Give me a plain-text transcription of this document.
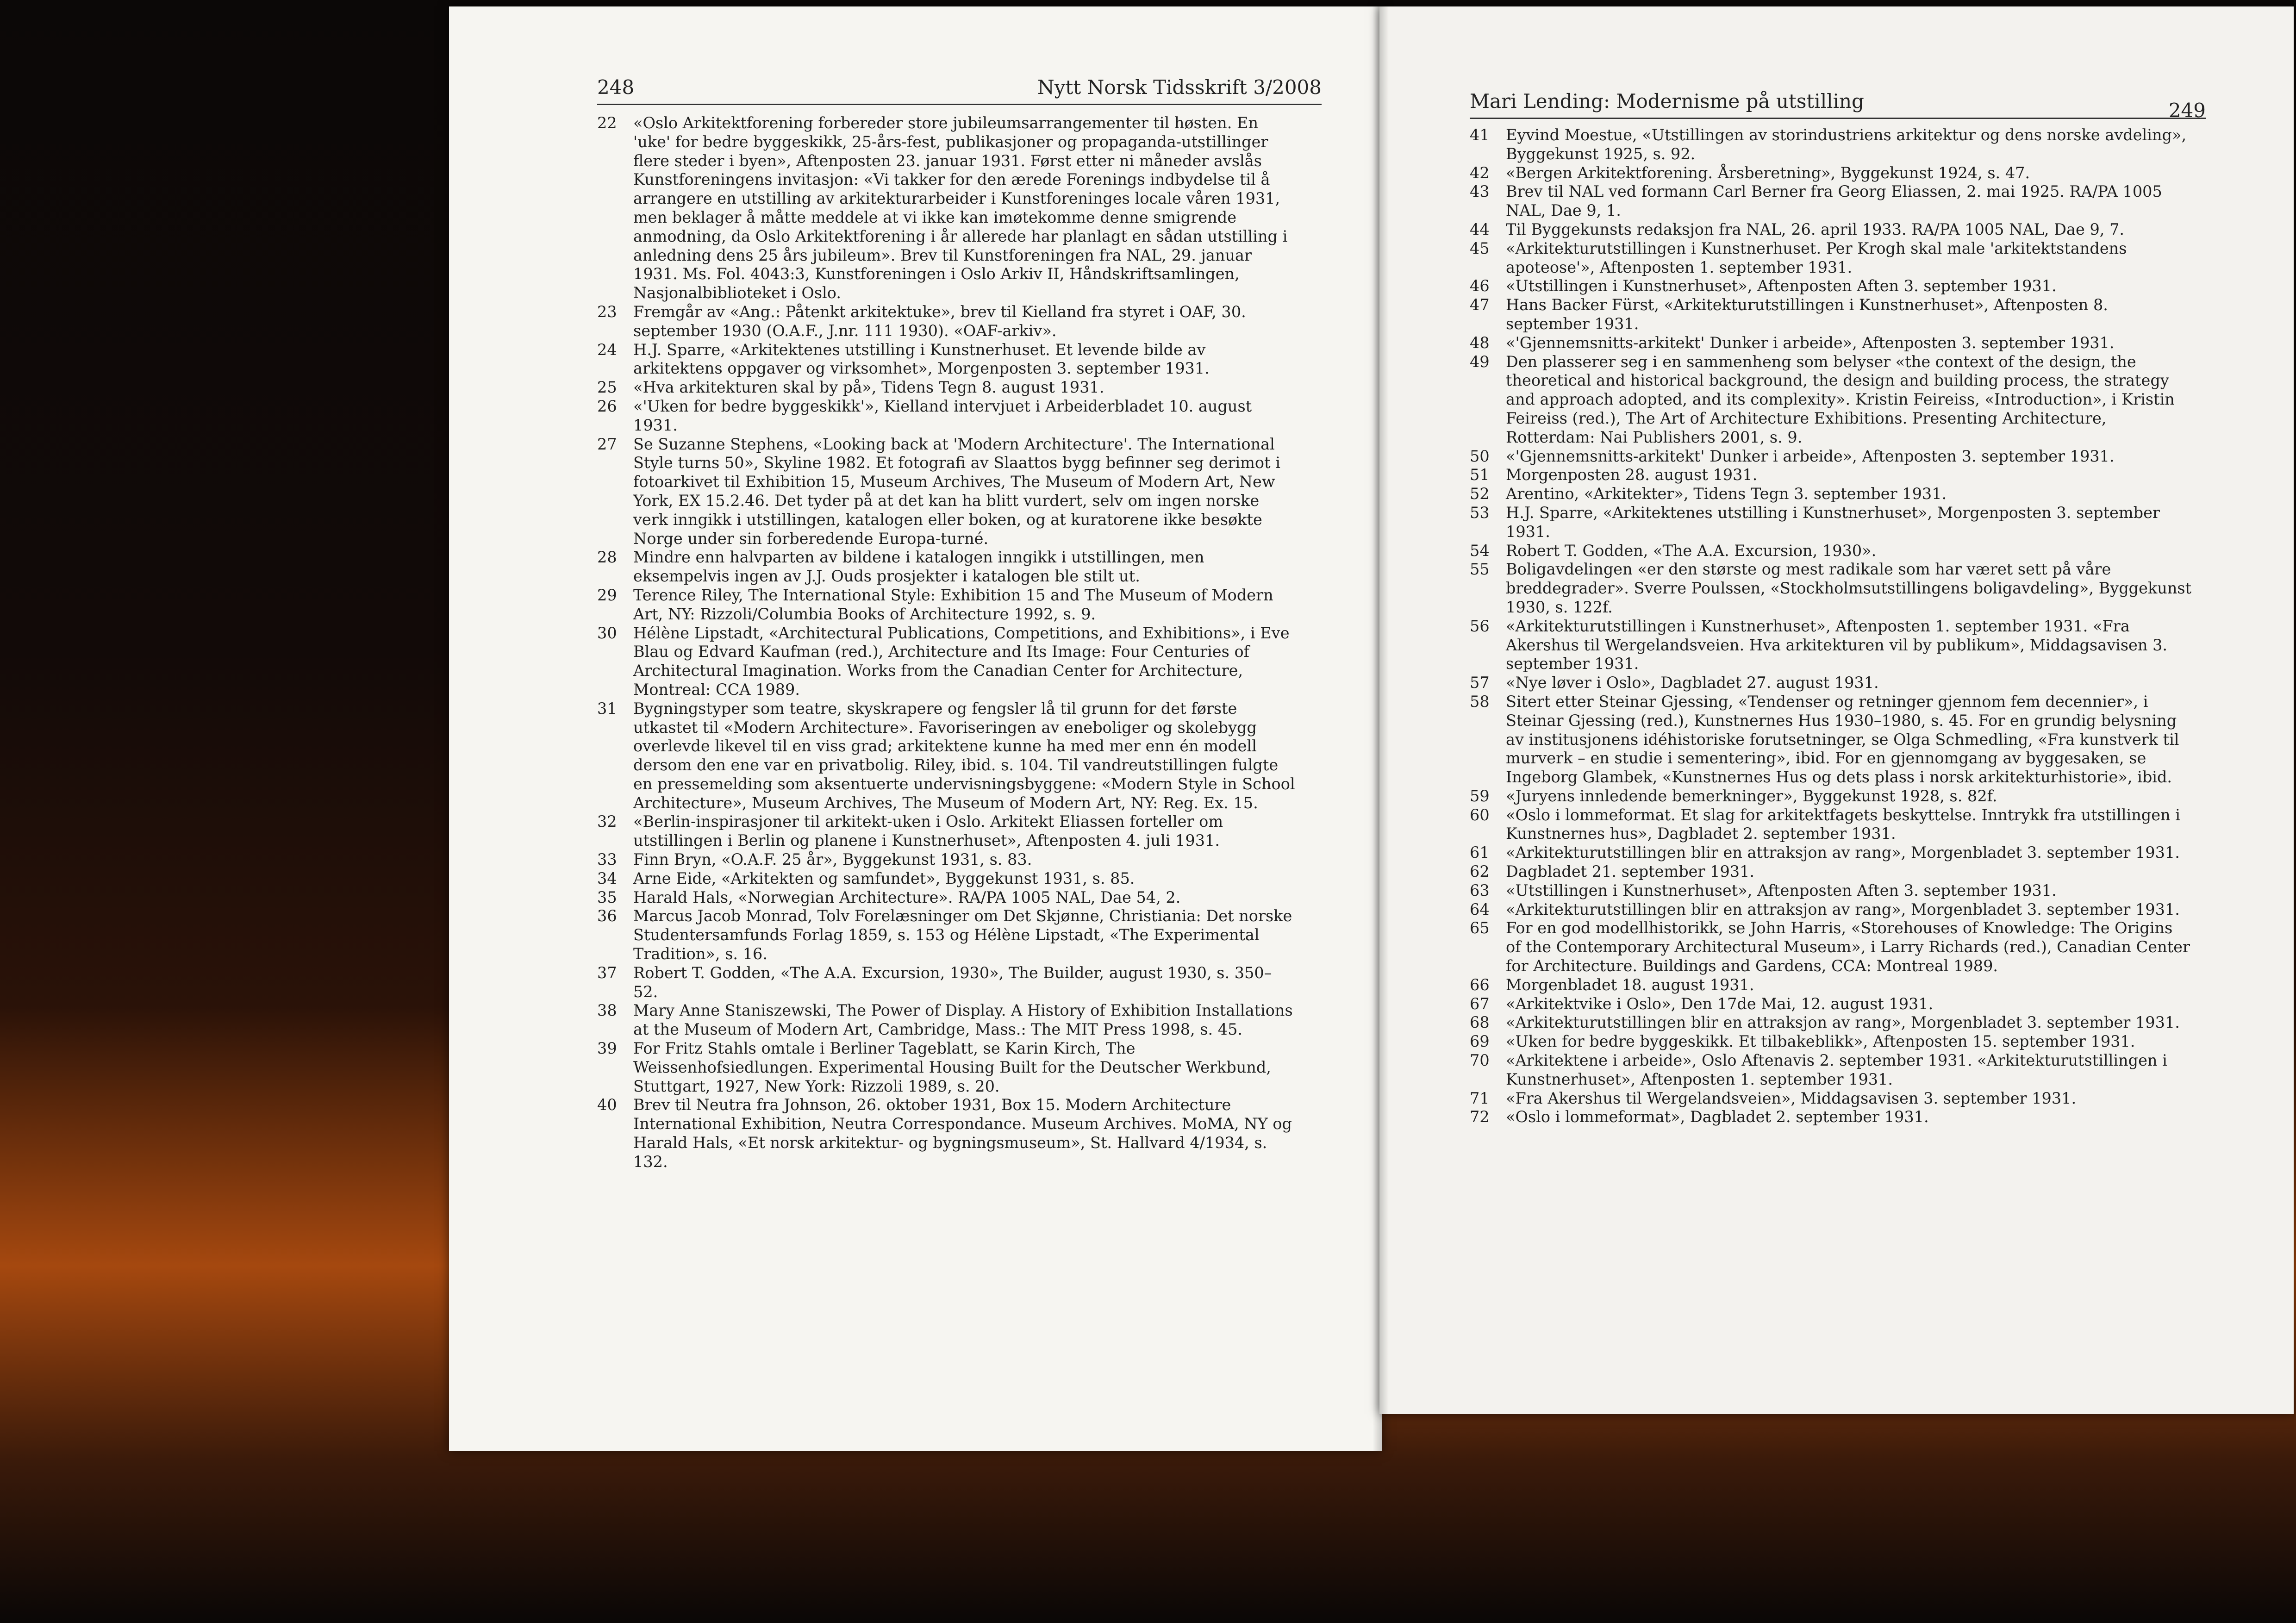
248	Nytt Norsk Tidsskrift 3/2008
22	«Oslo Arkitektforening forbereder store jubileumsarrangementer til høsten. En 'uke' for bedre byggeskikk, 25-års-fest, publikasjoner og propaganda-utstillinger flere steder i byen», Aftenposten 23. januar 1931. Først etter ni måneder avslås Kunstforeningens invitasjon: «Vi takker for den ærede Forenings indbydelse til å arrangere en utstilling av arkitekturarbeider i Kunstforeninges locale våren 1931, men beklager å måtte meddele at vi ikke kan imøtekomme denne smigrende anmodning, da Oslo Arkitektforening i år allerede har planlagt en sådan utstilling i anledning dens 25 års jubileum». Brev til Kunstforeningen fra NAL, 29. januar 1931. Ms. Fol. 4043:3, Kunstforeningen i Oslo Arkiv II, Håndskriftsamlingen, Nasjonalbiblioteket i Oslo.
23	Fremgår av «Ang.: Påtenkt arkitektuke», brev til Kielland fra styret i OAF, 30. september 1930 (O.A.F., J.nr. 111 1930). «OAF-arkiv».
24	H.J. Sparre, «Arkitektenes utstilling i Kunstnerhuset. Et levende bilde av arkitektens oppgaver og virksomhet», Morgenposten 3. september 1931.
25	«Hva arkitekturen skal by på», Tidens Tegn 8. august 1931.
26	«'Uken for bedre byggeskikk'», Kielland intervjuet i Arbeiderbladet 10. august 1931.
27	Se Suzanne Stephens, «Looking back at 'Modern Architecture'. The International Style turns 50», Skyline 1982. Et fotografi av Slaattos bygg befinner seg derimot i fotoarkivet til Exhibition 15, Museum Archives, The Museum of Modern Art, New York, EX 15.2.46. Det tyder på at det kan ha blitt vurdert, selv om ingen norske verk inngikk i utstillingen, katalogen eller boken, og at kuratorene ikke besøkte Norge under sin forberedende Europa-turné.
28	Mindre enn halvparten av bildene i katalogen inngikk i utstillingen, men eksempelvis ingen av J.J. Ouds prosjekter i katalogen ble stilt ut.
29	Terence Riley, The International Style: Exhibition 15 and The Museum of Modern Art, NY: Rizzoli/Columbia Books of Architecture 1992, s. 9.
30	Hélène Lipstadt, «Architectural Publications, Competitions, and Exhibitions», i Eve Blau og Edvard Kaufman (red.), Architecture and Its Image: Four Centuries of Architectural Imagination. Works from the Canadian Center for Architecture, Montreal: CCA 1989.
31	Bygningstyper som teatre, skyskrapere og fengsler lå til grunn for det første utkastet til «Modern Architecture». Favoriseringen av eneboliger og skolebygg overlevde likevel til en viss grad; arkitektene kunne ha med mer enn én modell dersom den ene var en privatbolig. Riley, ibid. s. 104. Til vandreutstillingen fulgte en pressemelding som aksentuerte undervisningsbyggene: «Modern Style in School Architecture», Museum Archives, The Museum of Modern Art, NY: Reg. Ex. 15.
32	«Berlin-inspirasjoner til arkitekt-uken i Oslo. Arkitekt Eliassen forteller om utstillingen i Berlin og planene i Kunstnerhuset», Aftenposten 4. juli 1931.
33	Finn Bryn, «O.A.F. 25 år», Byggekunst 1931, s. 83.
34	Arne Eide, «Arkitekten og samfundet», Byggekunst 1931, s. 85.
35	Harald Hals, «Norwegian Architecture». RA/PA 1005 NAL, Dae 54, 2.
36	Marcus Jacob Monrad, Tolv Forelæsninger om Det Skjønne, Christiania: Det norske Studentersamfunds Forlag 1859, s. 153 og Hélène Lipstadt, «The Experimental Tradition», s. 16.
37	Robert T. Godden, «The A.A. Excursion, 1930», The Builder, august 1930, s. 350–52.
38	Mary Anne Staniszewski, The Power of Display. A History of Exhibition Installations at the Museum of Modern Art, Cambridge, Mass.: The MIT Press 1998, s. 45.
39	For Fritz Stahls omtale i Berliner Tageblatt, se Karin Kirch, The Weissenhofsiedlungen. Experimental Housing Built for the Deutscher Werkbund, Stuttgart, 1927, New York: Rizzoli 1989, s. 20.
40	Brev til Neutra fra Johnson, 26. oktober 1931, Box 15. Modern Architecture International Exhibition, Neutra Correspondance. Museum Archives. MoMA, NY og Harald Hals, «Et norsk arkitektur- og bygningsmuseum», St. Hallvard 4/1934, s. 132.
Mari Lending: Modernisme på utstilling	249
41	Eyvind Moestue, «Utstillingen av storindustriens arkitektur og dens norske avdeling», Byggekunst 1925, s. 92.
42	«Bergen Arkitektforening. Årsberetning», Byggekunst 1924, s. 47.
43	Brev til NAL ved formann Carl Berner fra Georg Eliassen, 2. mai 1925. RA/PA 1005 NAL, Dae 9, 1.
44	Til Byggekunsts redaksjon fra NAL, 26. april 1933. RA/PA 1005 NAL, Dae 9, 7.
45	«Arkitekturutstillingen i Kunstnerhuset. Per Krogh skal male 'arkitektstandens apoteose'», Aftenposten 1. september 1931.
46	«Utstillingen i Kunstnerhuset», Aftenposten Aften 3. september 1931.
47	Hans Backer Fürst, «Arkitekturutstillingen i Kunstnerhuset», Aftenposten 8. september 1931.
48	«'Gjennemsnitts-arkitekt' Dunker i arbeide», Aftenposten 3. september 1931.
49	Den plasserer seg i en sammenheng som belyser «the context of the design, the theoretical and historical background, the design and building process, the strategy and approach adopted, and its complexity». Kristin Feireiss, «Introduction», i Kristin Feireiss (red.), The Art of Architecture Exhibitions. Presenting Architecture, Rotterdam: Nai Publishers 2001, s. 9.
50	«'Gjennemsnitts-arkitekt' Dunker i arbeide», Aftenposten 3. september 1931.
51	Morgenposten 28. august 1931.
52	Arentino, «Arkitekter», Tidens Tegn 3. september 1931.
53	H.J. Sparre, «Arkitektenes utstilling i Kunstnerhuset», Morgenposten 3. september 1931.
54	Robert T. Godden, «The A.A. Excursion, 1930».
55	Boligavdelingen «er den største og mest radikale som har været sett på våre breddegrader». Sverre Poulssen, «Stockholmsutstillingens boligavdeling», Byggekunst 1930, s. 122f.
56	«Arkitekturutstillingen i Kunstnerhuset», Aftenposten 1. september 1931. «Fra Akershus til Wergelandsveien. Hva arkitekturen vil by publikum», Middagsavisen 3. september 1931.
57	«Nye løver i Oslo», Dagbladet 27. august 1931.
58	Sitert etter Steinar Gjessing, «Tendenser og retninger gjennom fem decennier», i Steinar Gjessing (red.), Kunstnernes Hus 1930–1980, s. 45. For en grundig belysning av institusjonens idéhistoriske forutsetninger, se Olga Schmedling, «Fra kunstverk til murverk – en studie i sementering», ibid. For en gjennomgang av byggesaken, se Ingeborg Glambek, «Kunstnernes Hus og dets plass i norsk arkitekturhistorie», ibid.
59	«Juryens innledende bemerkninger», Byggekunst 1928, s. 82f.
60	«Oslo i lommeformat. Et slag for arkitektfagets beskyttelse. Inntrykk fra utstillingen i Kunstnernes hus», Dagbladet 2. september 1931.
61	«Arkitekturutstillingen blir en attraksjon av rang», Morgenbladet 3. september 1931.
62	Dagbladet 21. september 1931.
63	«Utstillingen i Kunstnerhuset», Aftenposten Aften 3. september 1931.
64	«Arkitekturutstillingen blir en attraksjon av rang», Morgenbladet 3. september 1931.
65	For en god modellhistorikk, se John Harris, «Storehouses of Knowledge: The Origins of the Contemporary Architectural Museum», i Larry Richards (red.), Canadian Center for Architecture. Buildings and Gardens, CCA: Montreal 1989.
66	Morgenbladet 18. august 1931.
67	«Arkitektvike i Oslo», Den 17de Mai, 12. august 1931.
68	«Arkitekturutstillingen blir en attraksjon av rang», Morgenbladet 3. september 1931.
69	«Uken for bedre byggeskikk. Et tilbakeblikk», Aftenposten 15. september 1931.
70	«Arkitektene i arbeide», Oslo Aftenavis 2. september 1931. «Arkitekturutstillingen i Kunstnerhuset», Aftenposten 1. september 1931.
71	«Fra Akershus til Wergelandsveien», Middagsavisen 3. september 1931.
72	«Oslo i lommeformat», Dagbladet 2. september 1931.
